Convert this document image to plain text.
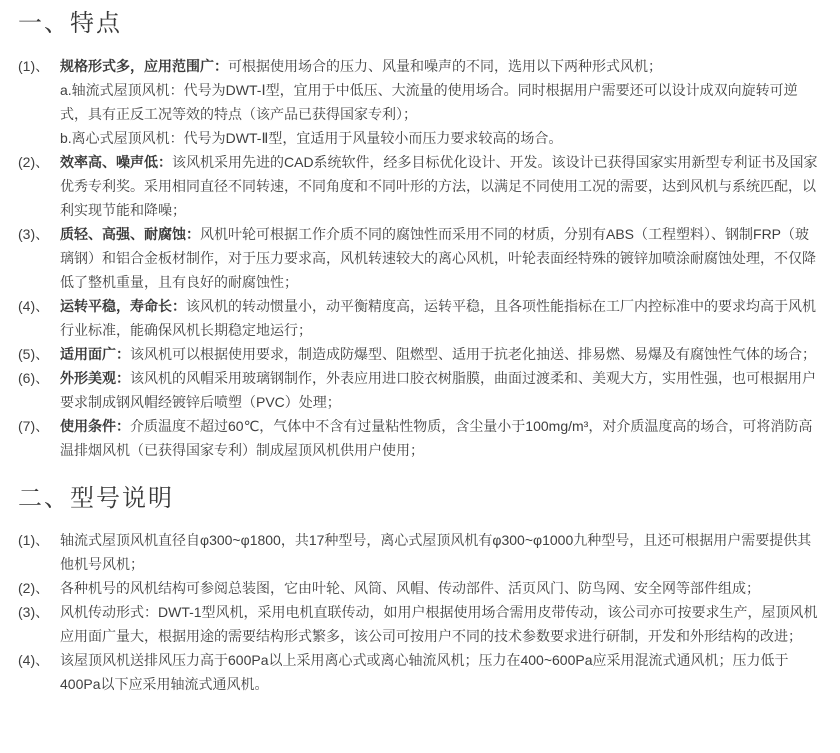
一、特点
(1)、 规格形式多，应用范围广：可根据使用场合的压力、风量和噪声的不同，选用以下两种形式风机；
a.轴流式屋顶风机：代号为DWT-Ⅰ型，宜用于中低压、大流量的使用场合。同时根据用户需要还可以设计成双向旋转可逆式，具有正反工况等效的特点（该产品已获得国家专利）；
b.离心式屋顶风机：代号为DWT-Ⅱ型，宜适用于风量较小而压力要求较高的场合。
(2)、 效率高、噪声低：该风机采用先进的CAD系统软件，经多目标优化设计、开发。该设计已获得国家实用新型专利证书及国家优秀专利奖。采用相同直径不同转速，不同角度和不同叶形的方法，以满足不同使用工况的需要，达到风机与系统匹配，以利实现节能和降噪；
(3)、 质轻、高强、耐腐蚀：风机叶轮可根据工作介质不同的腐蚀性而采用不同的材质，分别有ABS（工程塑料）、钢制FRP（玻璃钢）和铝合金板材制作，对于压力要求高，风机转速较大的离心风机，叶轮表面经特殊的镀锌加喷涂耐腐蚀处理，不仅降低了整机重量，且有良好的耐腐蚀性；
(4)、 运转平稳，寿命长：该风机的转动惯量小，动平衡精度高，运转平稳，且各项性能指标在工厂内控标准中的要求均高于风机行业标准，能确保风机长期稳定地运行；
(5)、 适用面广：该风机可以根据使用要求，制造成防爆型、阻燃型、适用于抗老化抽送、排易燃、易爆及有腐蚀性气体的场合；
(6)、 外形美观：该风机的风帽采用玻璃钢制作，外表应用进口胶衣树脂膜，曲面过渡柔和、美观大方，实用性强，也可根据用户要求制成钢风帽经镀锌后喷塑（PVC）处理；
(7)、 使用条件：介质温度不超过60℃，气体中不含有过量粘性物质，含尘量小于100mg/m³，对介质温度高的场合，可将消防高温排烟风机（已获得国家专利）制成屋顶风机供用户使用；
二、型号说明
(1)、 轴流式屋顶风机直径自φ300~φ1800，共17种型号，离心式屋顶风机有φ300~φ1000九种型号，且还可根据用户需要提供其他机号风机；
(2)、 各种机号的风机结构可参阅总装图，它由叶轮、风筒、风帽、传动部件、活页风门、防鸟网、安全网等部件组成；
(3)、 风机传动形式：DWT-1型风机，采用电机直联传动，如用户根据使用场合需用皮带传动，该公司亦可按要求生产，屋顶风机应用面广量大，根据用途的需要结构形式繁多，该公司可按用户不同的技术参数要求进行研制，开发和外形结构的改进；
(4)、 该屋顶风机送排风压力高于600Pa以上采用离心式或离心轴流风机；压力在400~600Pa应采用混流式通风机；压力低于400Pa以下应采用轴流式通风机。
